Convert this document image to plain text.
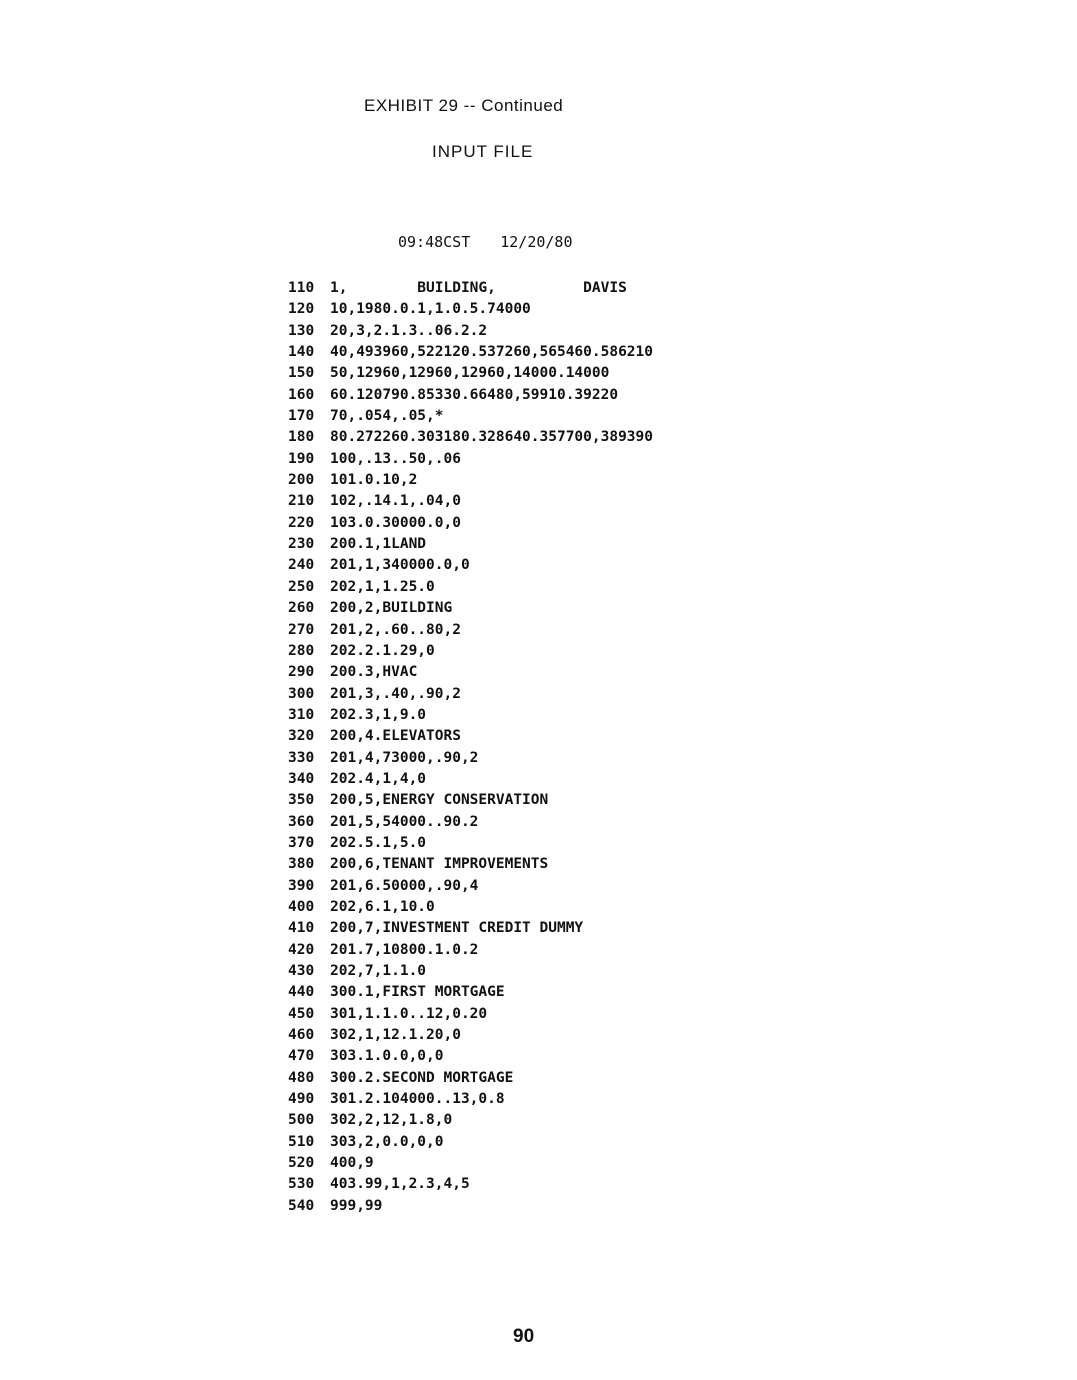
EXHIBIT 29 -- Continued
INPUT FILE
09:48CST 12/20/80
110 1,        BUILDING,          DAVIS
120 10,1980.0.1,1.0.5.74000
130 20,3,2.1.3..06.2.2
140 40,493960,522120.537260,565460.586210
150 50,12960,12960,12960,14000.14000
160 60.120790.85330.66480,59910.39220
170 70,.054,.05,*
180 80.272260.303180.328640.357700,389390
190 100,.13..50,.06
200 101.0.10,2
210 102,.14.1,.04,0
220 103.0.30000.0,0
230 200.1,1LAND
240 201,1,340000.0,0
250 202,1,1.25.0
260 200,2,BUILDING
270 201,2,.60..80,2
280 202.2.1.29,0
290 200.3,HVAC
300 201,3,.40,.90,2
310 202.3,1,9.0
320 200,4.ELEVATORS
330 201,4,73000,.90,2
340 202.4,1,4,0
350 200,5,ENERGY CONSERVATION
360 201,5,54000..90.2
370 202.5.1,5.0
380 200,6,TENANT IMPROVEMENTS
390 201,6.50000,.90,4
400 202,6.1,10.0
410 200,7,INVESTMENT CREDIT DUMMY
420 201.7,10800.1.0.2
430 202,7,1.1.0
440 300.1,FIRST MORTGAGE
450 301,1.1.0..12,0.20
460 302,1,12.1.20,0
470 303.1.0.0,0,0
480 300.2.SECOND MORTGAGE
490 301.2.104000..13,0.8
500 302,2,12,1.8,0
510 303,2,0.0,0,0
520 400,9
530 403.99,1,2.3,4,5
540 999,99
90
